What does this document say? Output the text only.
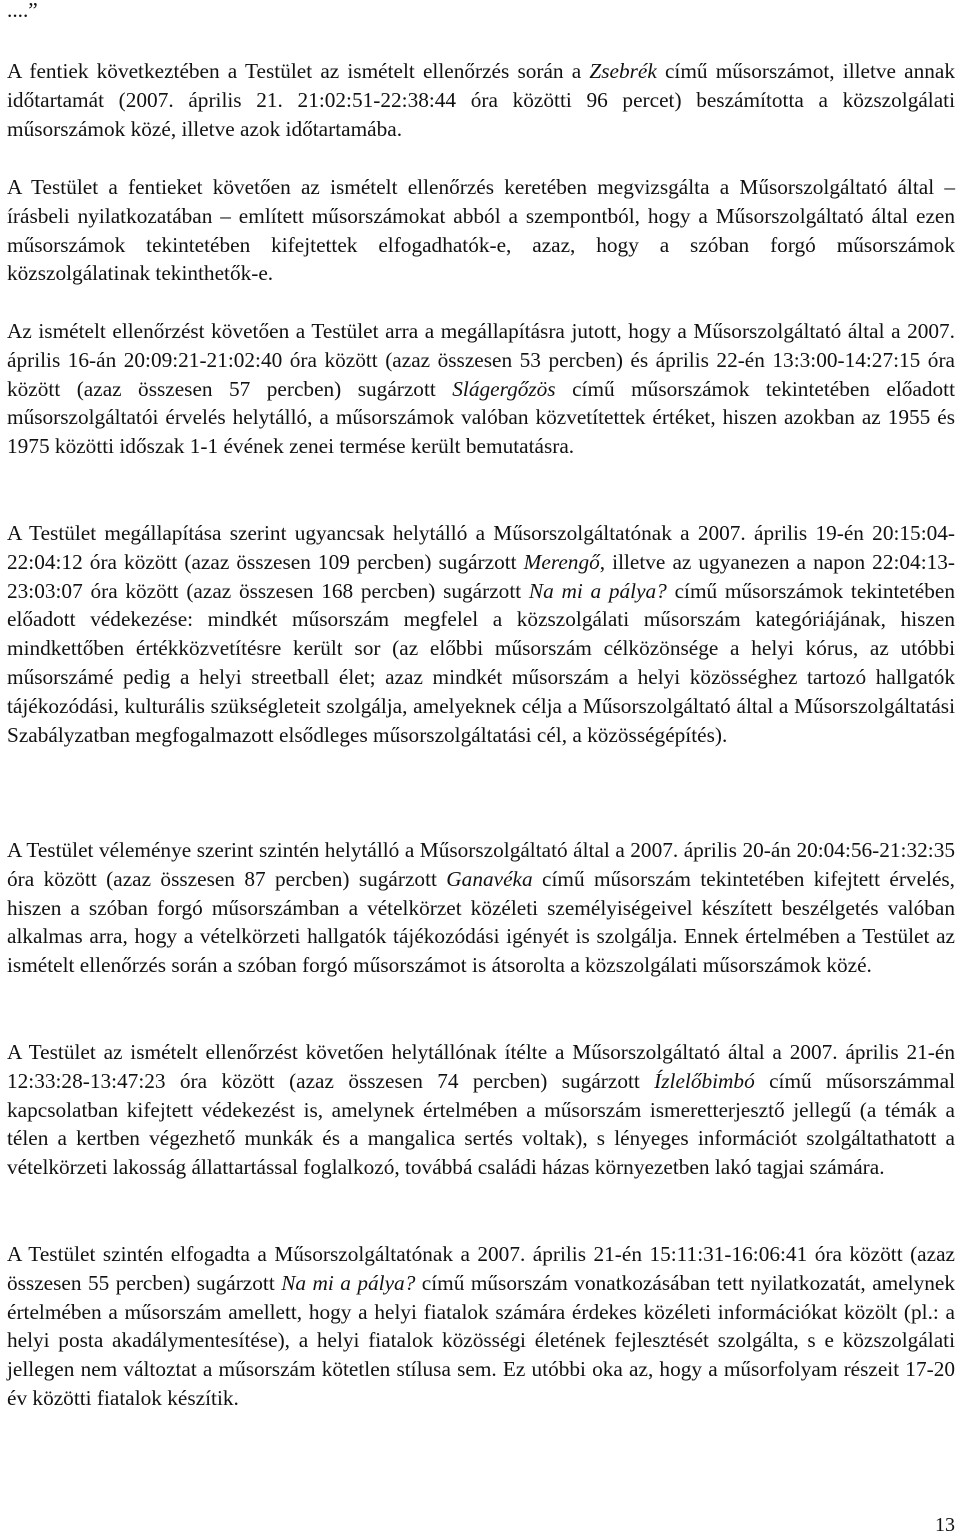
....”

A fentiek következtében a Testület az ismételt ellenőrzés során a Zsebrék című műsorszámot, illetve annak időtartamát (2007. április 21. 21:02:51-22:38:44 óra közötti 96 percet) beszámította a közszolgálati műsorszámok közé, illetve azok időtartamába.

A Testület a fentieket követően az ismételt ellenőrzés keretében megvizsgálta a Műsorszolgáltató által – írásbeli nyilatkozatában – említett műsorszámokat abból a szempontból, hogy a Műsorszolgáltató által ezen műsorszámok tekintetében kifejtettek elfogadhatók-e, azaz, hogy a szóban forgó műsorszámok közszolgálatinak tekinthetők-e.

Az ismételt ellenőrzést követően a Testület arra a megállapításra jutott, hogy a Műsorszolgáltató által a 2007. április 16-án 20:09:21-21:02:40 óra között (azaz összesen 53 percben) és április 22-én 13:3:00-14:27:15 óra között (azaz összesen 57 percben) sugárzott Slágergőzös című műsorszámok tekintetében előadott műsorszolgáltatói érvelés helytálló, a műsorszámok valóban közvetítettek értéket, hiszen azokban az 1955 és 1975 közötti időszak 1-1 évének zenei termése került bemutatásra.

A Testület megállapítása szerint ugyancsak helytálló a Műsorszolgáltatónak a 2007. április 19-én 20:15:04-22:04:12 óra között (azaz összesen 109 percben) sugárzott Merengő, illetve az ugyanezen a napon 22:04:13-23:03:07 óra között (azaz összesen 168 percben) sugárzott Na mi a pálya? című műsorszámok tekintetében előadott védekezése: mindkét műsorszám megfelel a közszolgálati műsorszám kategóriájának, hiszen mindkettőben értékközvetítésre került sor (az előbbi műsorszám célközönsége a helyi kórus, az utóbbi műsorszámé pedig a helyi streetball élet; azaz mindkét műsorszám a helyi közösséghez tartozó hallgatók tájékozódási, kulturális szükségleteit szolgálja, amelyeknek célja a Műsorszolgáltató által a Műsorszolgáltatási Szabályzatban megfogalmazott elsődleges műsorszolgáltatási cél, a közösségépítés).

A Testület véleménye szerint szintén helytálló a Műsorszolgáltató által a 2007. április 20-án 20:04:56-21:32:35 óra között (azaz összesen 87 percben) sugárzott Ganavéka című műsorszám tekintetében kifejtett érvelés, hiszen a szóban forgó műsorszámban a vételkörzet közéleti személyiségeivel készített beszélgetés valóban alkalmas arra, hogy a vételkörzeti hallgatók tájékozódási igényét is szolgálja. Ennek értelmében a Testület az ismételt ellenőrzés során a szóban forgó műsorszámot is átsorolta a közszolgálati műsorszámok közé.

A Testület az ismételt ellenőrzést követően helytállónak ítélte a Műsorszolgáltató által a 2007. április 21-én 12:33:28-13:47:23 óra között (azaz összesen 74 percben) sugárzott Ízlelőbimbó című műsorszámmal kapcsolatban kifejtett védekezést is, amelynek értelmében a műsorszám ismeretterjesztő jellegű (a témák a télen a kertben végezhető munkák és a mangalica sertés voltak), s lényeges információt szolgáltathatott a vételkörzeti lakosság állattartással foglalkozó, továbbá családi házas környezetben lakó tagjai számára.

A Testület szintén elfogadta a Műsorszolgáltatónak a 2007. április 21-én 15:11:31-16:06:41 óra között (azaz összesen 55 percben) sugárzott Na mi a pálya? című műsorszám vonatkozásában tett nyilatkozatát, amelynek értelmében a műsorszám amellett, hogy a helyi fiatalok számára érdekes közéleti információkat közölt (pl.: a helyi posta akadálymentesítése), a helyi fiatalok közösségi életének fejlesztését szolgálta, s e közszolgálati jellegen nem változtat a műsorszám kötetlen stílusa sem. Ez utóbbi oka az, hogy a műsorfolyam részeit 17-20 év közötti fiatalok készítik.

13
